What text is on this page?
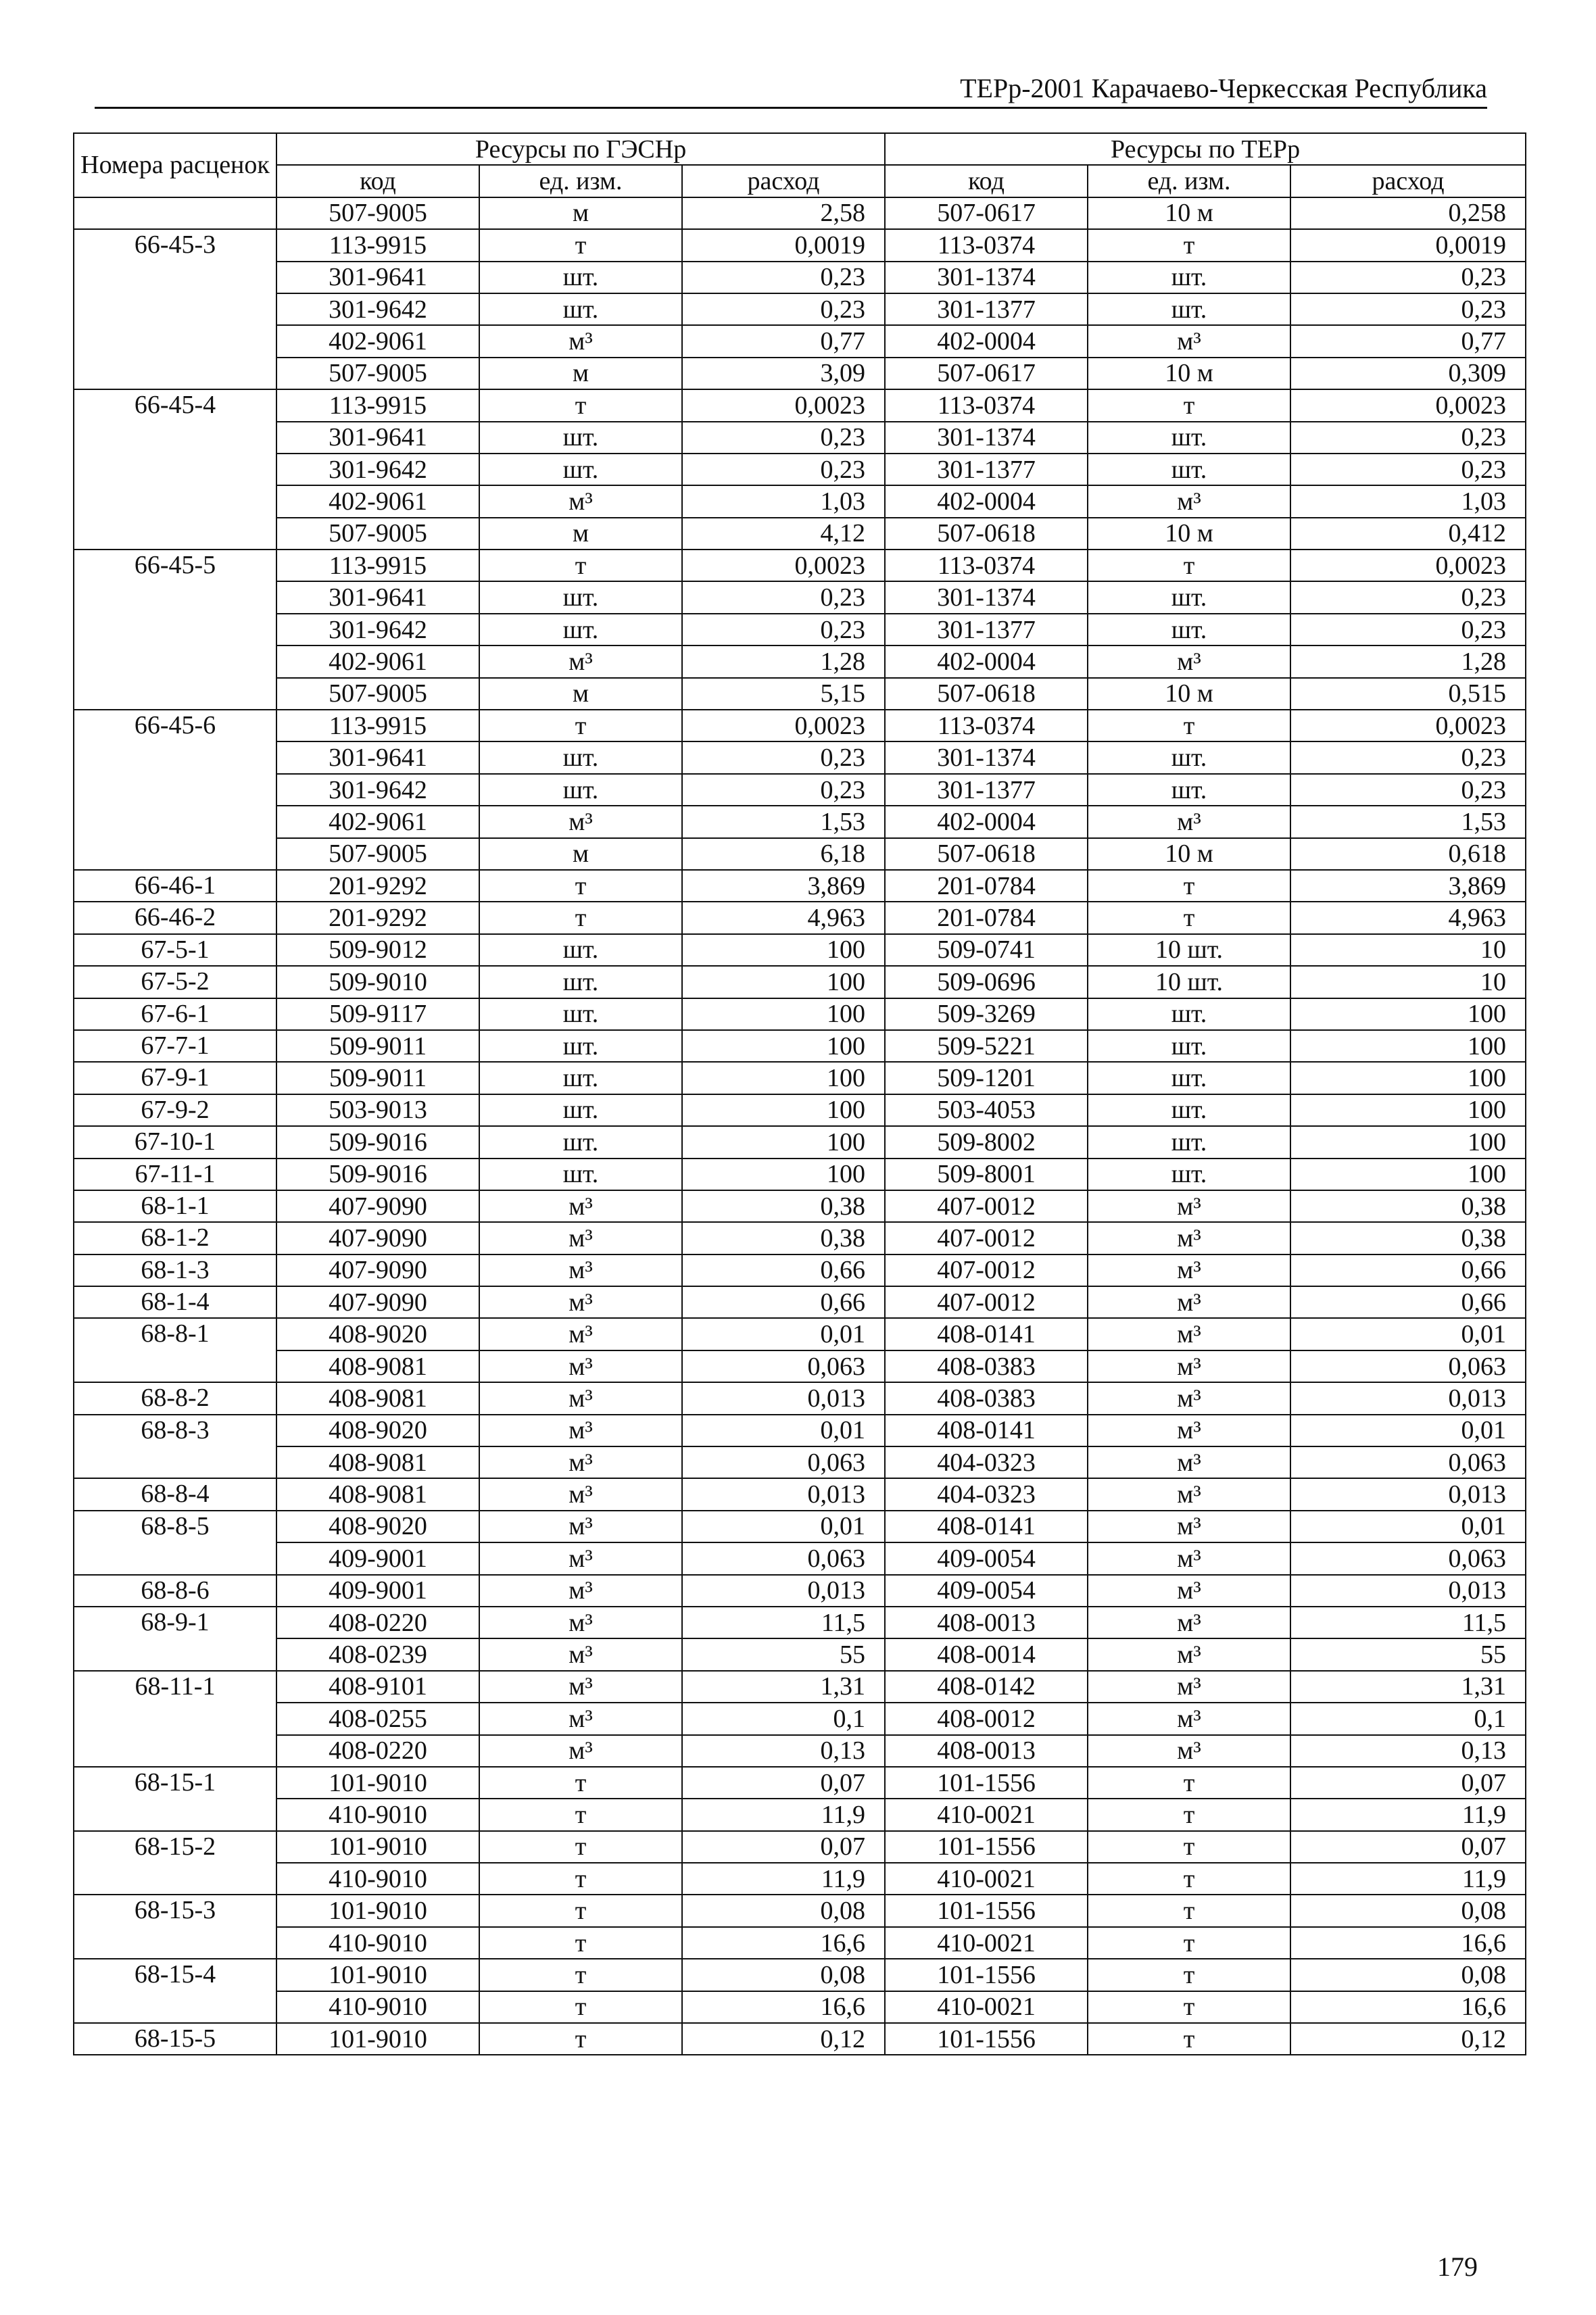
ТЕРр-2001 Карачаево-Черкесская Республика
Номера расценок	Ресурсы по ГЭСНр			Ресурсы по ТЕРр		
	код	ед. изм.	расход	код	ед. изм.	расход
	507-9005	м	2,58	507-0617	10 м	0,258
66-45-3	113-9915	т	0,0019	113-0374	т	0,0019
	301-9641	шт.	0,23	301-1374	шт.	0,23
	301-9642	шт.	0,23	301-1377	шт.	0,23
	402-9061	м³	0,77	402-0004	м³	0,77
	507-9005	м	3,09	507-0617	10 м	0,309
66-45-4	113-9915	т	0,0023	113-0374	т	0,0023
	301-9641	шт.	0,23	301-1374	шт.	0,23
	301-9642	шт.	0,23	301-1377	шт.	0,23
	402-9061	м³	1,03	402-0004	м³	1,03
	507-9005	м	4,12	507-0618	10 м	0,412
66-45-5	113-9915	т	0,0023	113-0374	т	0,0023
	301-9641	шт.	0,23	301-1374	шт.	0,23
	301-9642	шт.	0,23	301-1377	шт.	0,23
	402-9061	м³	1,28	402-0004	м³	1,28
	507-9005	м	5,15	507-0618	10 м	0,515
66-45-6	113-9915	т	0,0023	113-0374	т	0,0023
	301-9641	шт.	0,23	301-1374	шт.	0,23
	301-9642	шт.	0,23	301-1377	шт.	0,23
	402-9061	м³	1,53	402-0004	м³	1,53
	507-9005	м	6,18	507-0618	10 м	0,618
66-46-1	201-9292	т	3,869	201-0784	т	3,869
66-46-2	201-9292	т	4,963	201-0784	т	4,963
67-5-1	509-9012	шт.	100	509-0741	10 шт.	10
67-5-2	509-9010	шт.	100	509-0696	10 шт.	10
67-6-1	509-9117	шт.	100	509-3269	шт.	100
67-7-1	509-9011	шт.	100	509-5221	шт.	100
67-9-1	509-9011	шт.	100	509-1201	шт.	100
67-9-2	503-9013	шт.	100	503-4053	шт.	100
67-10-1	509-9016	шт.	100	509-8002	шт.	100
67-11-1	509-9016	шт.	100	509-8001	шт.	100
68-1-1	407-9090	м³	0,38	407-0012	м³	0,38
68-1-2	407-9090	м³	0,38	407-0012	м³	0,38
68-1-3	407-9090	м³	0,66	407-0012	м³	0,66
68-1-4	407-9090	м³	0,66	407-0012	м³	0,66
68-8-1	408-9020	м³	0,01	408-0141	м³	0,01
	408-9081	м³	0,063	408-0383	м³	0,063
68-8-2	408-9081	м³	0,013	408-0383	м³	0,013
68-8-3	408-9020	м³	0,01	408-0141	м³	0,01
	408-9081	м³	0,063	404-0323	м³	0,063
68-8-4	408-9081	м³	0,013	404-0323	м³	0,013
68-8-5	408-9020	м³	0,01	408-0141	м³	0,01
	409-9001	м³	0,063	409-0054	м³	0,063
68-8-6	409-9001	м³	0,013	409-0054	м³	0,013
68-9-1	408-0220	м³	11,5	408-0013	м³	11,5
	408-0239	м³	55	408-0014	м³	55
68-11-1	408-9101	м³	1,31	408-0142	м³	1,31
	408-0255	м³	0,1	408-0012	м³	0,1
	408-0220	м³	0,13	408-0013	м³	0,13
68-15-1	101-9010	т	0,07	101-1556	т	0,07
	410-9010	т	11,9	410-0021	т	11,9
68-15-2	101-9010	т	0,07	101-1556	т	0,07
	410-9010	т	11,9	410-0021	т	11,9
68-15-3	101-9010	т	0,08	101-1556	т	0,08
	410-9010	т	16,6	410-0021	т	16,6
68-15-4	101-9010	т	0,08	101-1556	т	0,08
	410-9010	т	16,6	410-0021	т	16,6
68-15-5	101-9010	т	0,12	101-1556	т	0,12
179
